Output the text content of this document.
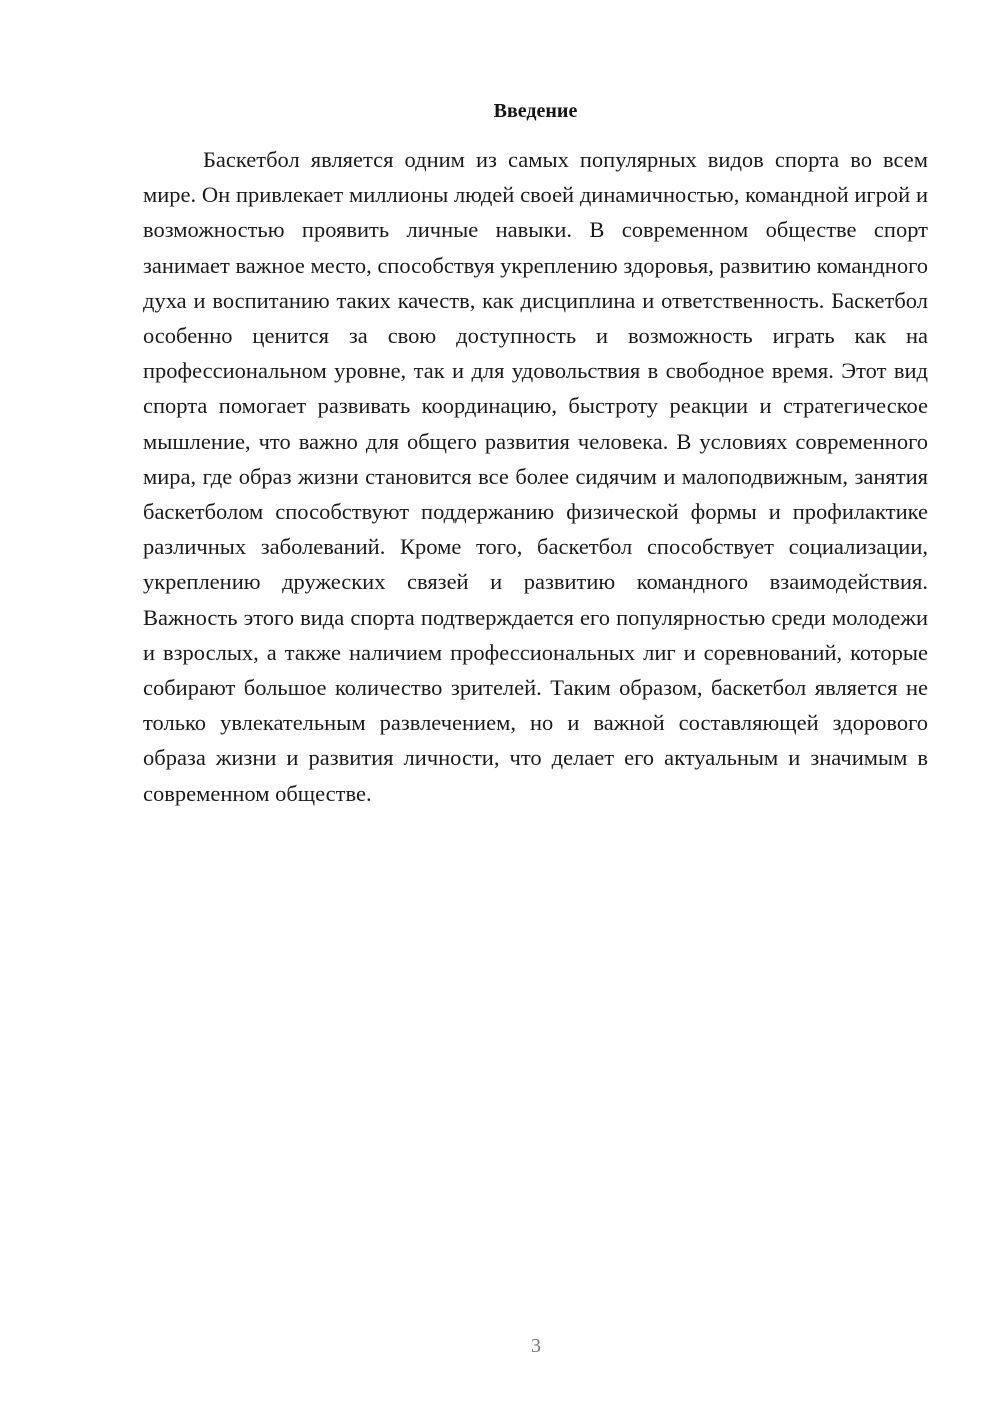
Введение

Баскетбол является одним из самых популярных видов спорта во всем мире. Он привлекает миллионы людей своей динамичностью, командной игрой и возможностью проявить личные навыки. В современном обществе спорт занимает важное место, способствуя укреплению здоровья, развитию командного духа и воспитанию таких качеств, как дисциплина и ответственность. Баскетбол особенно ценится за свою доступность и возможность играть как на профессиональном уровне, так и для удовольствия в свободное время. Этот вид спорта помогает развивать координацию, быстроту реакции и стратегическое мышление, что важно для общего развития человека. В условиях современного мира, где образ жизни становится все более сидячим и малоподвижным, занятия баскетболом способствуют поддержанию физической формы и профилактике различных заболеваний. Кроме того, баскетбол способствует социализации, укреплению дружеских связей и развитию командного взаимодействия. Важность этого вида спорта подтверждается его популярностью среди молодежи и взрослых, а также наличием профессиональных лиг и соревнований, которые собирают большое количество зрителей. Таким образом, баскетбол является не только увлекательным развлечением, но и важной составляющей здорового образа жизни и развития личности, что делает его актуальным и значимым в современном обществе.

3
